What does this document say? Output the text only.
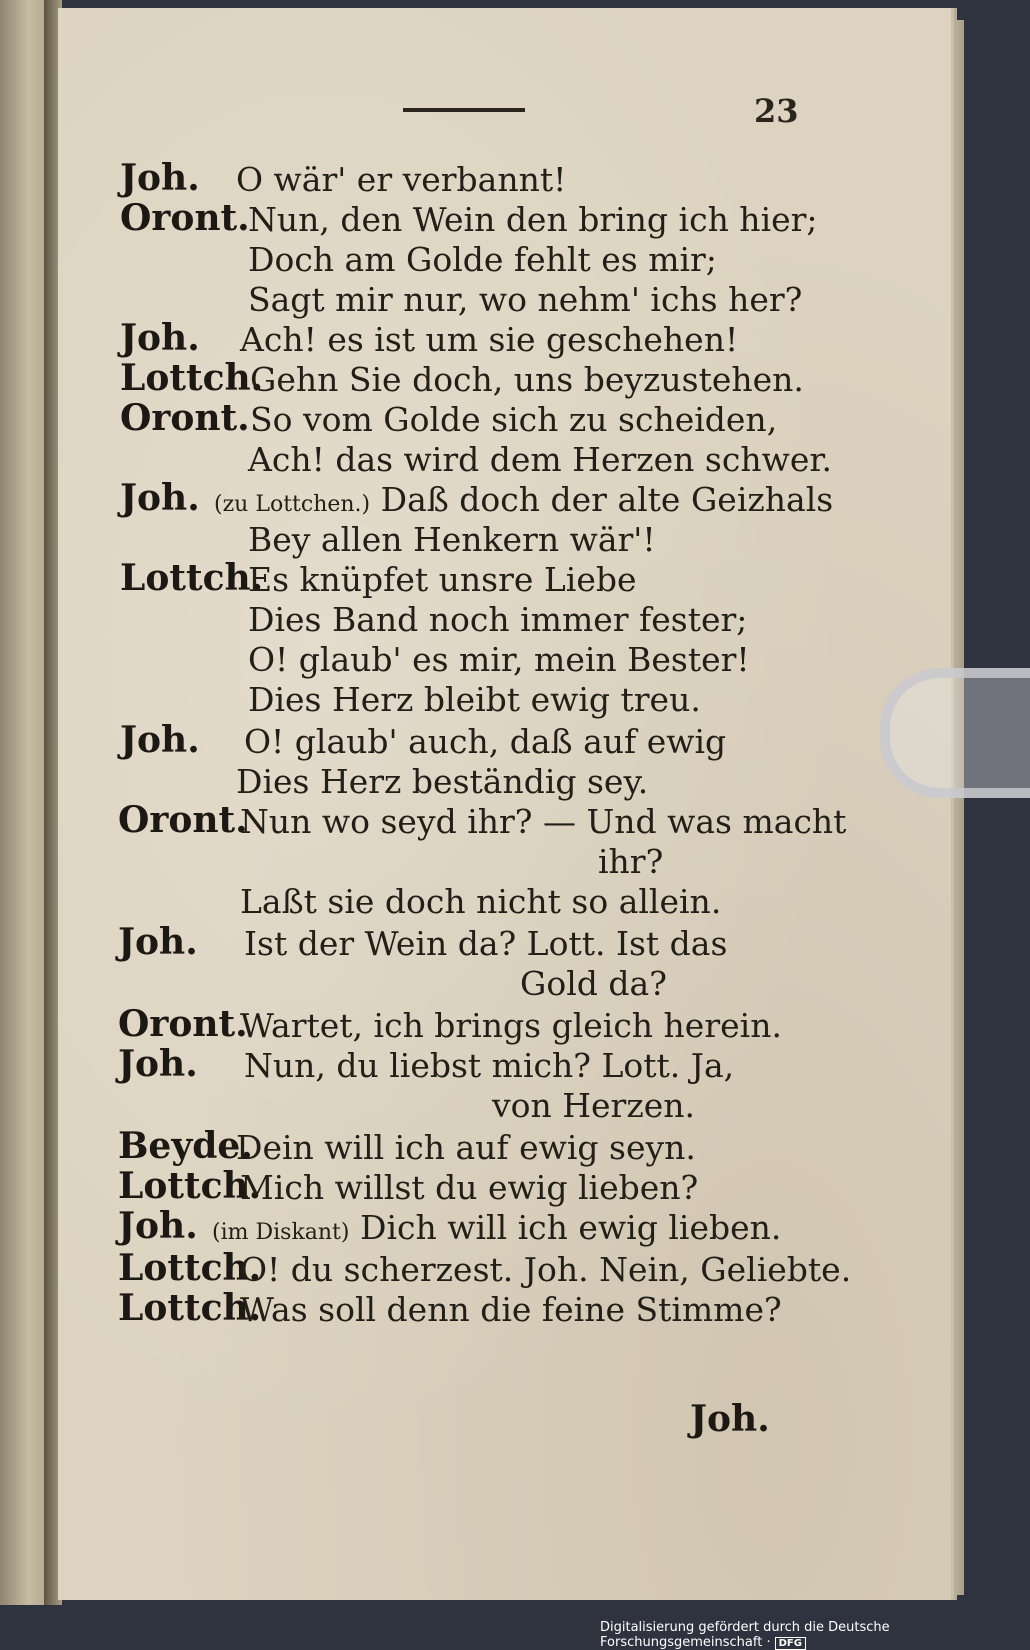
23
Joh. O wär' er verbannt!
Oront.
Nun, den Wein den bring ich hier;
Doch am Golde fehlt es mir;
Sagt mir nur, wo nehm' ichs her?
Joh. Ach! es ist um sie geschehen!
Lottch.
Gehn Sie doch, uns beyzustehen.
Oront. So vom Golde sich zu scheiden,
Ach! das wird dem Herzen schwer.
Joh. (zu Lottchen.) Daß doch der alte Geizhals
Bey allen Henkern wär'!
Lottch.
Es knüpfet unsre Liebe
Dies Band noch immer fester;
O! glaub' es mir, mein Bester!
Dies Herz bleibt ewig treu.
Joh. O! glaub' auch, daß auf ewig
Dies Herz beständig sey.
Oront.
Nun wo seyd ihr? — Und was macht
ihr?
Laßt sie doch nicht so allein.
Joh. Ist der Wein da? Lott. Ist das
Gold da?
Oront.
Wartet, ich brings gleich herein.
Joh. Nun, du liebst mich? Lott. Ja,
von Herzen.
Beyde.
Dein will ich auf ewig seyn.
Lottch.
Mich willst du ewig lieben?
Joh. (im Diskant) Dich will ich ewig lieben.
Lottch.
O! du scherzest. Joh. Nein, Geliebte.
Lottch.
Was soll denn die feine Stimme?
Joh.
Digitalisierung gefördert durch die Deutsche Forschungsgemeinschaft · DFG
